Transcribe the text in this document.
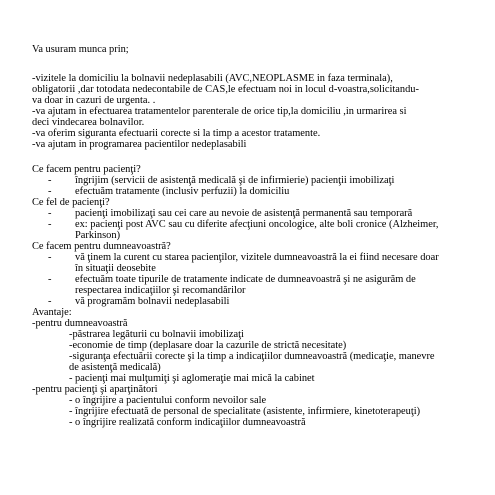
Va usuram munca prin;
-vizitele la domiciliu la bolnavii nedeplasabili (AVC,NEOPLASME in faza terminala),
obligatorii ,dar totodata nedecontabile de CAS,le efectuam noi in locul d-voastra,solicitandu-
va doar in cazuri de urgenta. .
-va ajutam in efectuarea tratamentelor parenterale de orice tip,la domiciliu ,in urmarirea si
deci vindecarea bolnavilor.
-va oferim siguranta efectuarii corecte si la timp a acestor tratamente.
-va ajutam in programarea pacientilor nedeplasabili
Ce facem pentru pacienţi?
- îngrijim (servicii de asistenţă medicală şi de infirmierie) pacienţii imobilizaţi
- efectuăm tratamente (inclusiv perfuzii) la domiciliu
Ce fel de pacienţi?
- pacienţi imobilizaţi sau cei care au nevoie de asistenţă permanentă sau temporară
- ex: pacienţi post AVC sau cu diferite afecţiuni oncologice, alte boli cronice (Alzheimer,
Parkinson)
Ce facem pentru dumneavoastră?
- vă ţinem la curent cu starea pacienţilor, vizitele dumneavoastră la ei fiind necesare doar
în situaţii deosebite
- efectuăm toate tipurile de tratamente indicate de dumneavoastră şi ne asigurăm de
respectarea indicaţiilor şi recomandărilor
- vă programăm bolnavii nedeplasabili
Avantaje:
-pentru dumneavoastră
-păstrarea legăturii cu bolnavii imobilizaţi
-economie de timp (deplasare doar la cazurile de strictă necesitate)
-siguranţa efectuării corecte şi la timp a indicaţiilor dumneavoastră (medicaţie, manevre
de asistenţă medicală)
- pacienţi mai mulţumiţi şi aglomeraţie mai mică la cabinet
-pentru pacienţi şi aparţinători
- o îngrijire a pacientului conform nevoilor sale
- îngrijire efectuată de personal de specialitate (asistente, infirmiere, kinetoterapeuţi)
- o îngrijire realizată conform indicaţiilor dumneavoastră
